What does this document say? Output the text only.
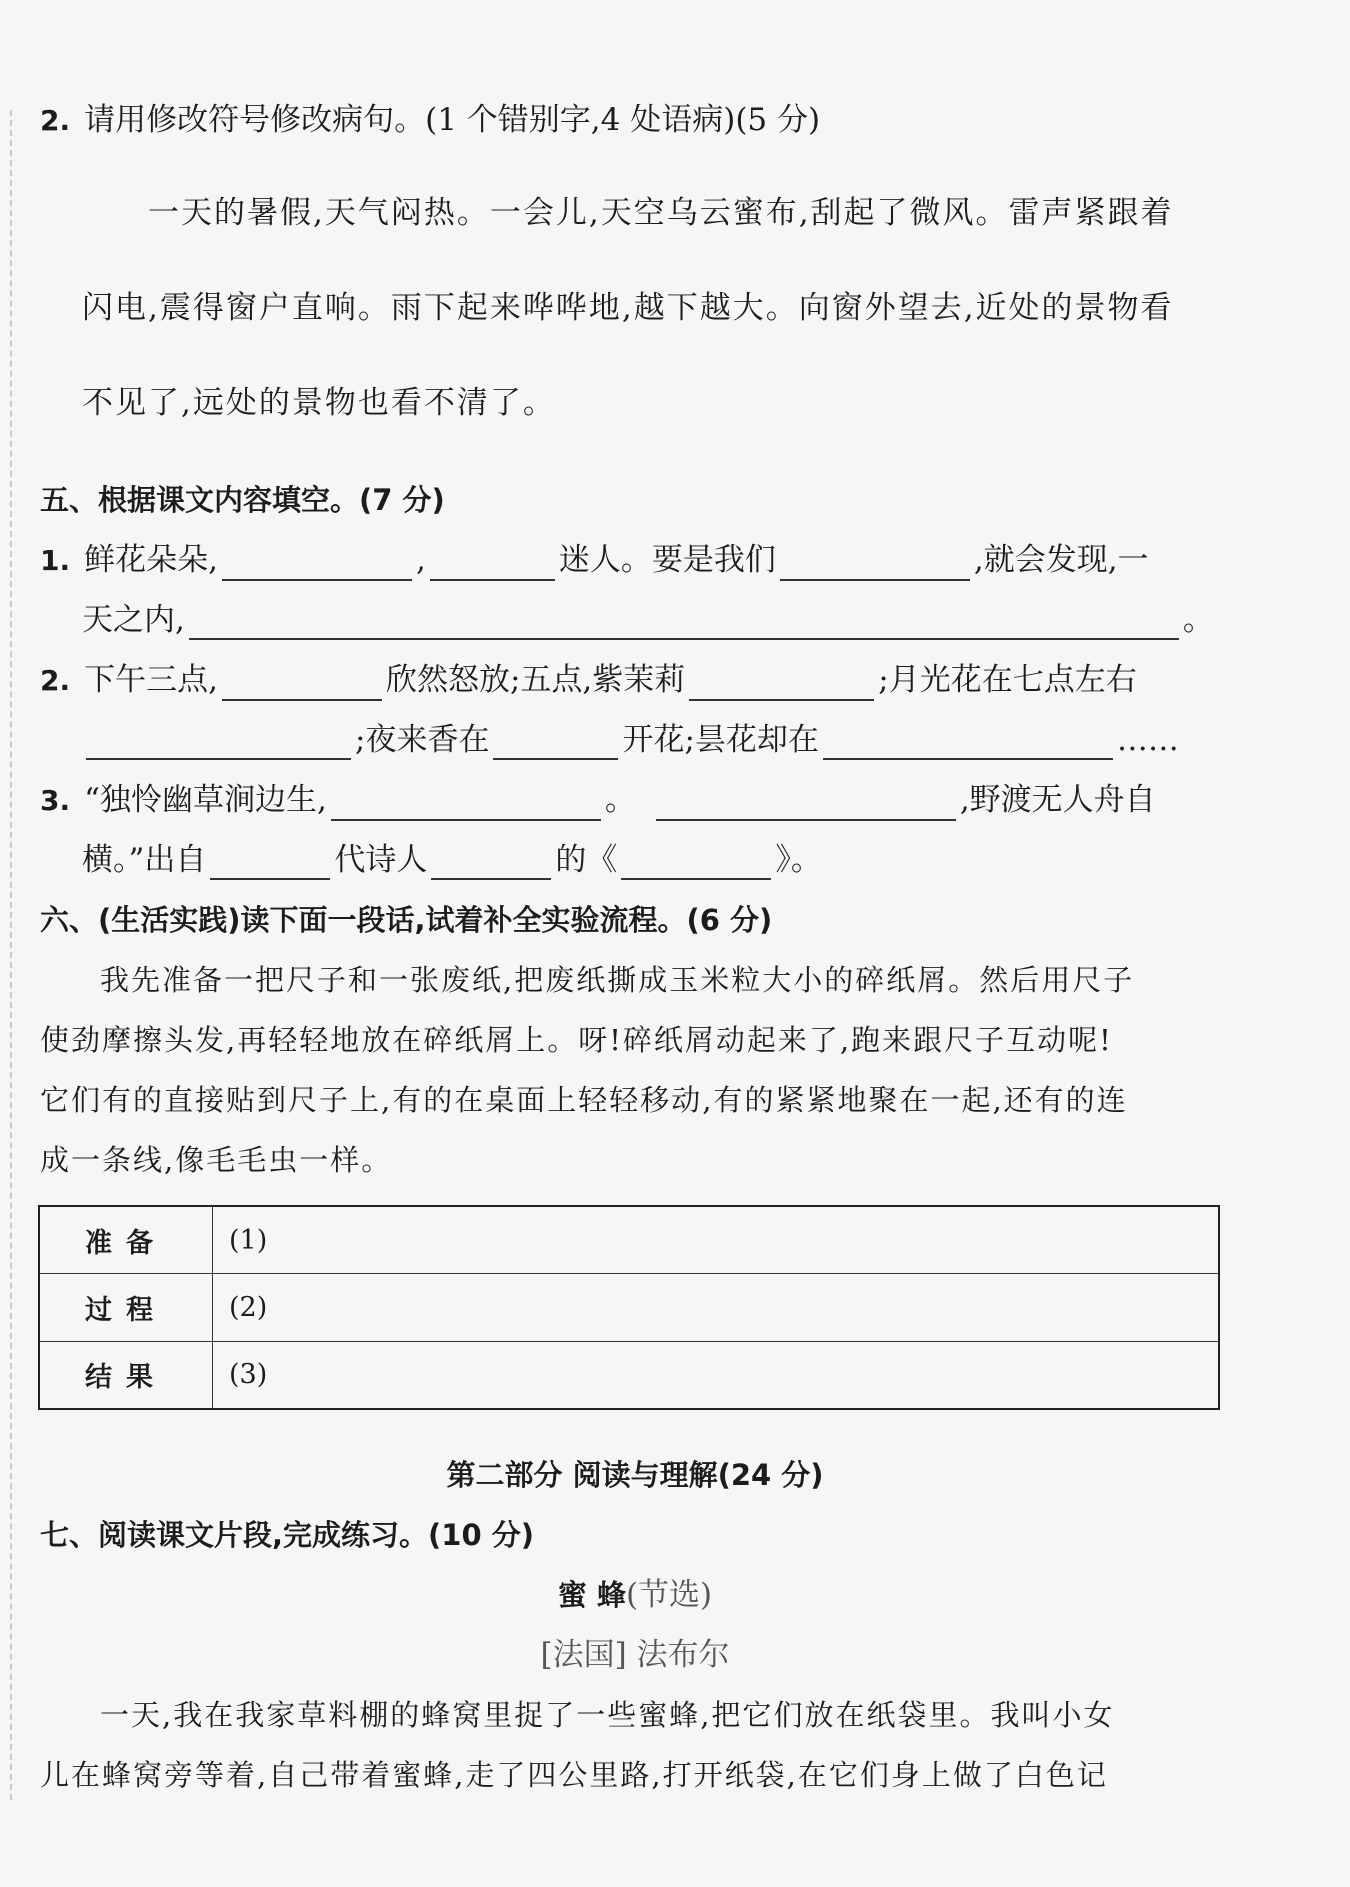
2. 请用修改符号修改病句。(1 个错别字,4 处语病)(5 分)
一天的暑假,天气闷热。一会儿,天空乌云蜜布,刮起了微风。雷声紧跟着
闪电,震得窗户直响。雨下起来哗哗地,越下越大。向窗外望去,近处的景物看
不见了,远处的景物也看不清了。
五、根据课文内容填空。(7 分)
1. 鲜花朵朵,	,	迷人。要是我们	,就会发现,一
天之内,	。
2. 下午三点,	欣然怒放;五点,紫茉莉	;月光花在七点左右
;夜来香在	开花;昙花却在	……
3. “独怜幽草涧边生,	。	,野渡无人舟自
横。”出自	代诗人	的《	》。
六、(生活实践)读下面一段话,试着补全实验流程。(6 分)
我先准备一把尺子和一张废纸,把废纸撕成玉米粒大小的碎纸屑。然后用尺子
使劲摩擦头发,再轻轻地放在碎纸屑上。呀!碎纸屑动起来了,跑来跟尺子互动呢!
它们有的直接贴到尺子上,有的在桌面上轻轻移动,有的紧紧地聚在一起,还有的连
成一条线,像毛毛虫一样。
准备	(1)
过程	(2)
结果	(3)
第二部分 阅读与理解(24 分)
七、阅读课文片段,完成练习。(10 分)
蜜 蜂(节选)
[法国] 法布尔
一天,我在我家草料棚的蜂窝里捉了一些蜜蜂,把它们放在纸袋里。我叫小女
儿在蜂窝旁等着,自己带着蜜蜂,走了四公里路,打开纸袋,在它们身上做了白色记
